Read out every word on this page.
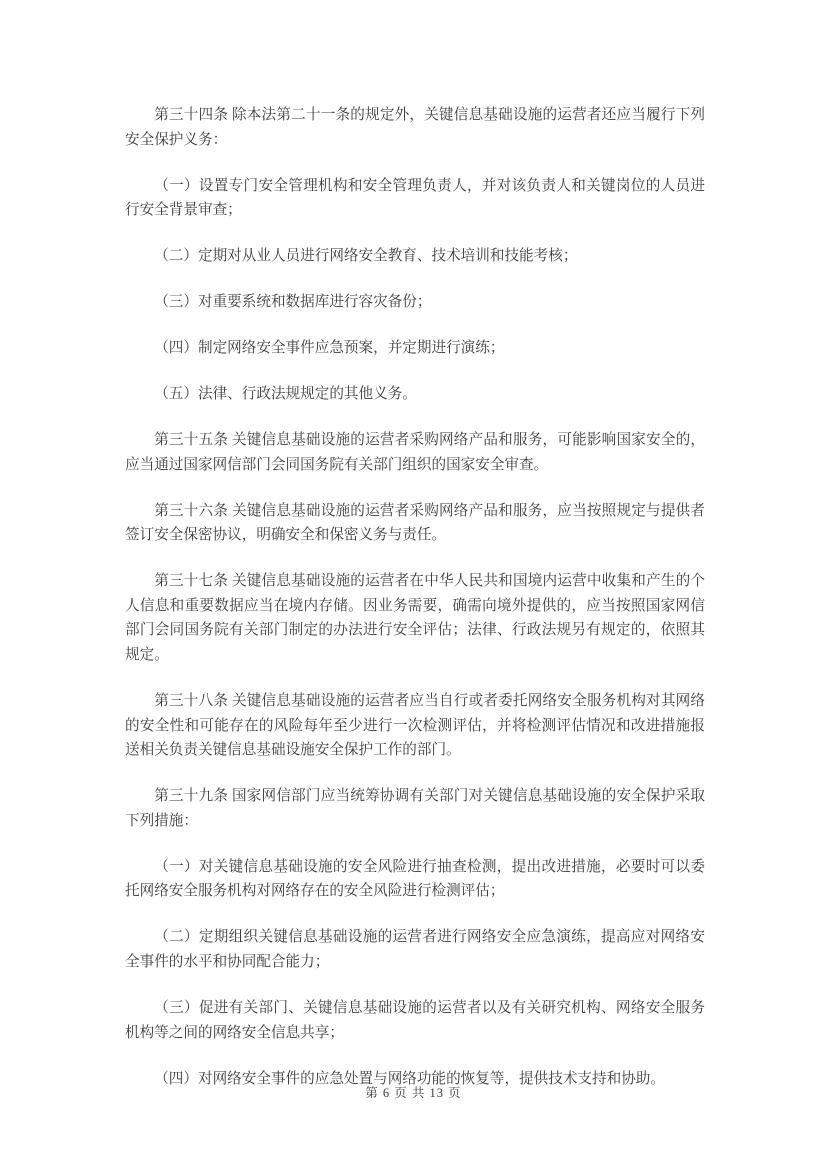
第三十四条 除本法第二十一条的规定外，关键信息基础设施的运营者还应当履行下列安全保护义务：

（一）设置专门安全管理机构和安全管理负责人，并对该负责人和关键岗位的人员进行安全背景审查；

（二）定期对从业人员进行网络安全教育、技术培训和技能考核；

（三）对重要系统和数据库进行容灾备份；

（四）制定网络安全事件应急预案，并定期进行演练；

（五）法律、行政法规规定的其他义务。

第三十五条 关键信息基础设施的运营者采购网络产品和服务，可能影响国家安全的，应当通过国家网信部门会同国务院有关部门组织的国家安全审查。

第三十六条 关键信息基础设施的运营者采购网络产品和服务，应当按照规定与提供者签订安全保密协议，明确安全和保密义务与责任。

第三十七条 关键信息基础设施的运营者在中华人民共和国境内运营中收集和产生的个人信息和重要数据应当在境内存储。因业务需要，确需向境外提供的，应当按照国家网信部门会同国务院有关部门制定的办法进行安全评估；法律、行政法规另有规定的，依照其规定。

第三十八条 关键信息基础设施的运营者应当自行或者委托网络安全服务机构对其网络的安全性和可能存在的风险每年至少进行一次检测评估，并将检测评估情况和改进措施报送相关负责关键信息基础设施安全保护工作的部门。

第三十九条 国家网信部门应当统筹协调有关部门对关键信息基础设施的安全保护采取下列措施：

（一）对关键信息基础设施的安全风险进行抽查检测，提出改进措施，必要时可以委托网络安全服务机构对网络存在的安全风险进行检测评估；

（二）定期组织关键信息基础设施的运营者进行网络安全应急演练，提高应对网络安全事件的水平和协同配合能力；

（三）促进有关部门、关键信息基础设施的运营者以及有关研究机构、网络安全服务机构等之间的网络安全信息共享；

（四）对网络安全事件的应急处置与网络功能的恢复等，提供技术支持和协助。

第 6 页 共 13 页
